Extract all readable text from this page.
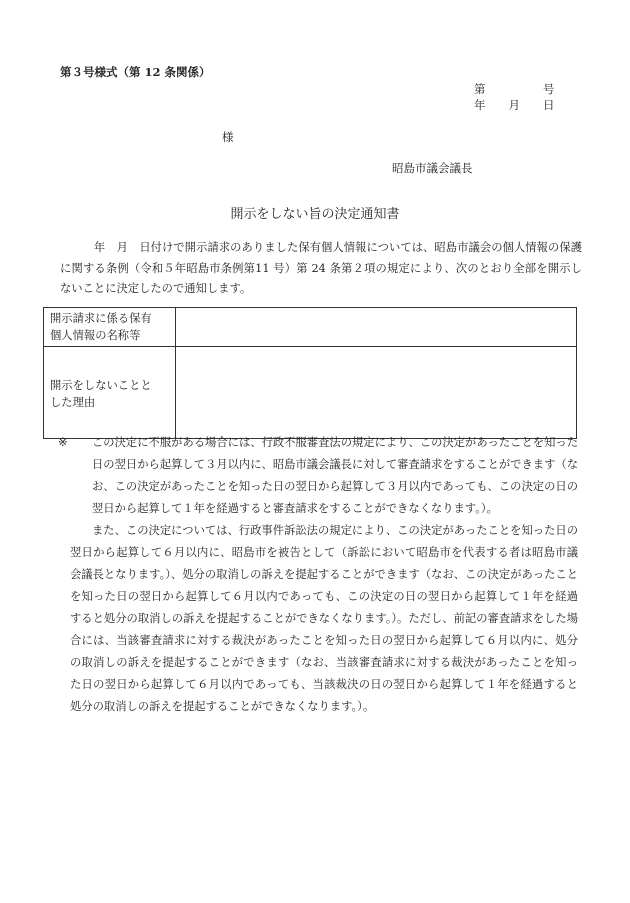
第３号様式（第 12 条関係）
第　　　　　号
年　　月　　日
様
昭島市議会議長
開示をしない旨の決定通知書
年　月　日付けで開示請求のありました保有個人情報については、昭島市議会の個人情報の保護に関する条例（令和５年昭島市条例第11 号）第 24 条第２項の規定により、次のとおり全部を開示しないことに決定したので通知します。
開示請求に係る保有
個人情報の名称等	

開示をしないことと
した理由	

※ この決定に不服がある場合には、行政不服審査法の規定により、この決定があったことを知った日の翌日から起算して３月以内に、昭島市議会議長に対して審査請求をすることができます（なお、この決定があったことを知った日の翌日から起算して３月以内であっても、この決定の日の翌日から起算して１年を経過すると審査請求をすることができなくなります。）。
また、この決定については、行政事件訴訟法の規定により、この決定があったことを知った日の翌日から起算して６月以内に、昭島市を被告として（訴訟において昭島市を代表する者は昭島市議会議長となります。）、処分の取消しの訴えを提起することができます（なお、この決定があったことを知った日の翌日から起算して６月以内であっても、この決定の日の翌日から起算して１年を経過すると処分の取消しの訴えを提起することができなくなります。）。ただし、前記の審査請求をした場合には、当該審査請求に対する裁決があったことを知った日の翌日から起算して６月以内に、処分の取消しの訴えを提起することができます（なお、当該審査請求に対する裁決があったことを知った日の翌日から起算して６月以内であっても、当該裁決の日の翌日から起算して１年を経過すると処分の取消しの訴えを提起することができなくなります。）。
